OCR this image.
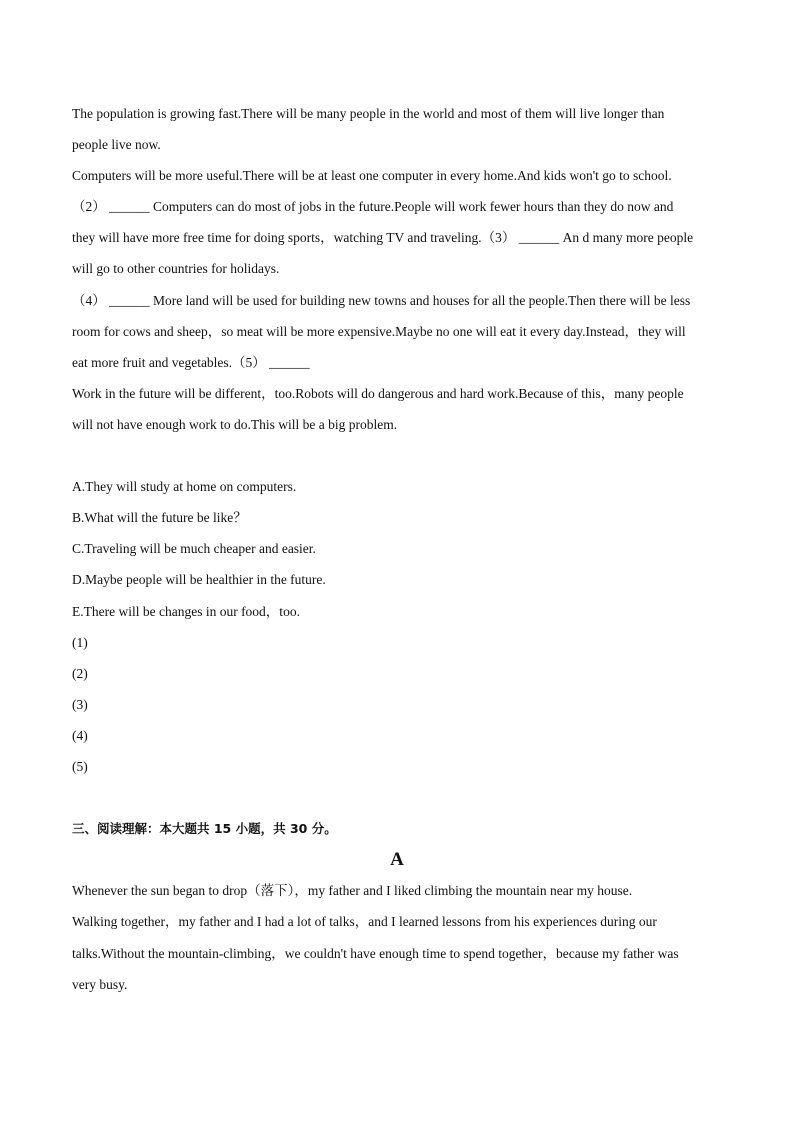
The population is growing fast.There will be many people in the world and most of them will live longer than
people live now.
Computers will be more useful.There will be at least one computer in every home.And kids won't go to school.
（2） ______ Computers can do most of jobs in the future.People will work fewer hours than they do now and
they will have more free time for doing sports，watching TV and traveling.（3） ______ An d many more people
will go to other countries for holidays.
（4） ______ More land will be used for building new towns and houses for all the people.Then there will be less
room for cows and sheep，so meat will be more expensive.Maybe no one will eat it every day.Instead，they will
eat more fruit and vegetables.（5） ______
Work in the future will be different，too.Robots will do dangerous and hard work.Because of this，many people
will not have enough work to do.This will be a big problem.
A.They will study at home on computers.
B.What will the future be like？
C.Traveling will be much cheaper and easier.
D.Maybe people will be healthier in the future.
E.There will be changes in our food，too.
(1)
(2)
(3)
(4)
(5)
三、阅读理解：本大题共 15 小题，共 30 分。
A
Whenever the sun began to drop（落下），my father and I liked climbing the mountain near my house.
Walking together，my father and I had a lot of talks，and I learned lessons from his experiences during our
talks.Without the mountain-climbing，we couldn't have enough time to spend together，because my father was
very busy.
